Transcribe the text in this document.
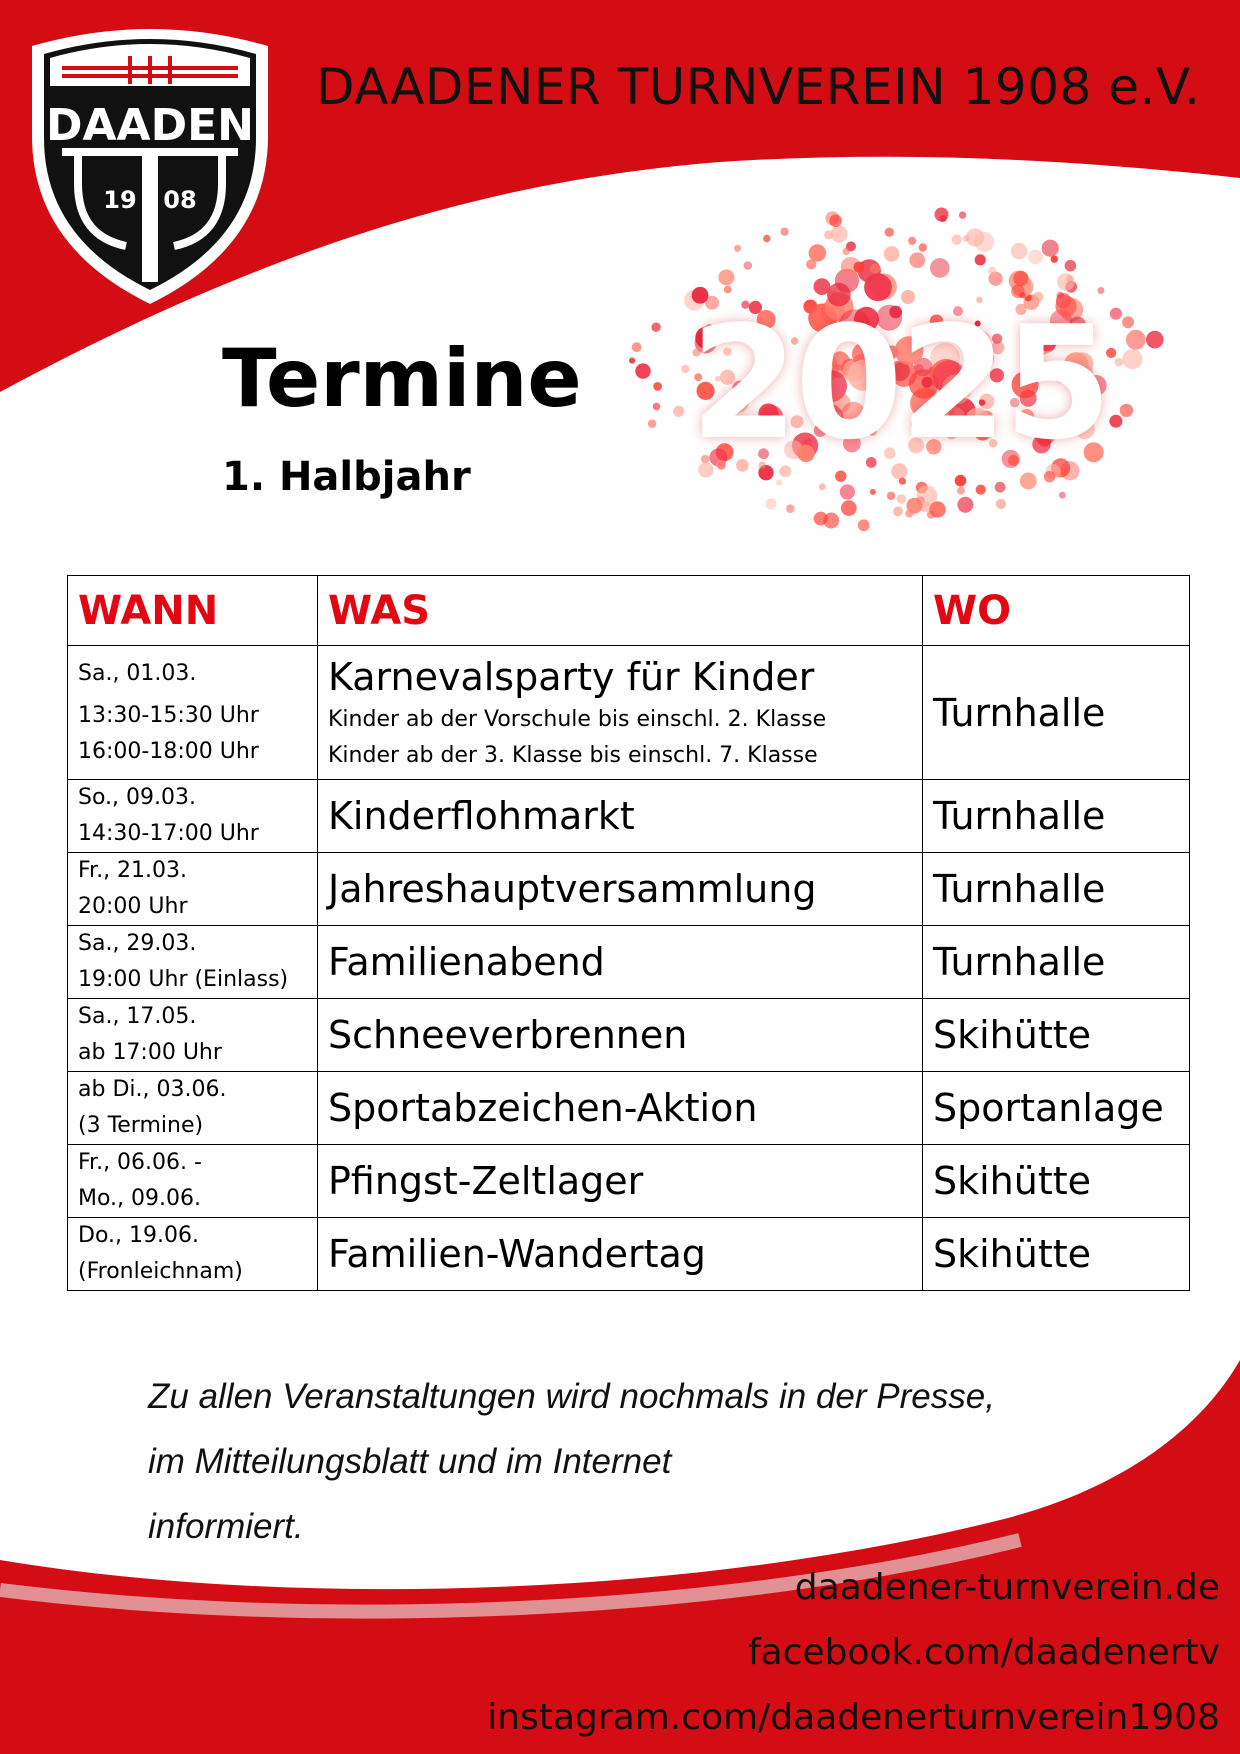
DAADEN
19 08
DAADENER TURNVEREIN 1908 e.V.
Termine
1. Halbjahr
2025
WANN	WAS	WO

Sa., 01.03.
13:30-15:30 Uhr
16:00-18:00 Uhr	Karnevalsparty für Kinder
Kinder ab der Vorschule bis einschl. 2. Klasse
Kinder ab der 3. Klasse bis einschl. 7. Klasse	Turnhalle

So., 09.03.
14:30-17:00 Uhr	Kinderflohmarkt	Turnhalle

Fr., 21.03.
20:00 Uhr	Jahreshauptversammlung	Turnhalle

Sa., 29.03.
19:00 Uhr (Einlass)	Familienabend	Turnhalle

Sa., 17.05.
ab 17:00 Uhr	Schneeverbrennen	Skihütte

ab Di., 03.06.
(3 Termine)	Sportabzeichen-Aktion	Sportanlage

Fr., 06.06. -
Mo., 09.06.	Pfingst-Zeltlager	Skihütte

Do., 19.06.
(Fronleichnam)	Familien-Wandertag	Skihütte
Zu allen Veranstaltungen wird nochmals in der Presse,
im Mitteilungsblatt und im Internet
informiert.
daadener-turnverein.de
facebook.com/daadenertv
instagram.com/daadenerturnverein1908
